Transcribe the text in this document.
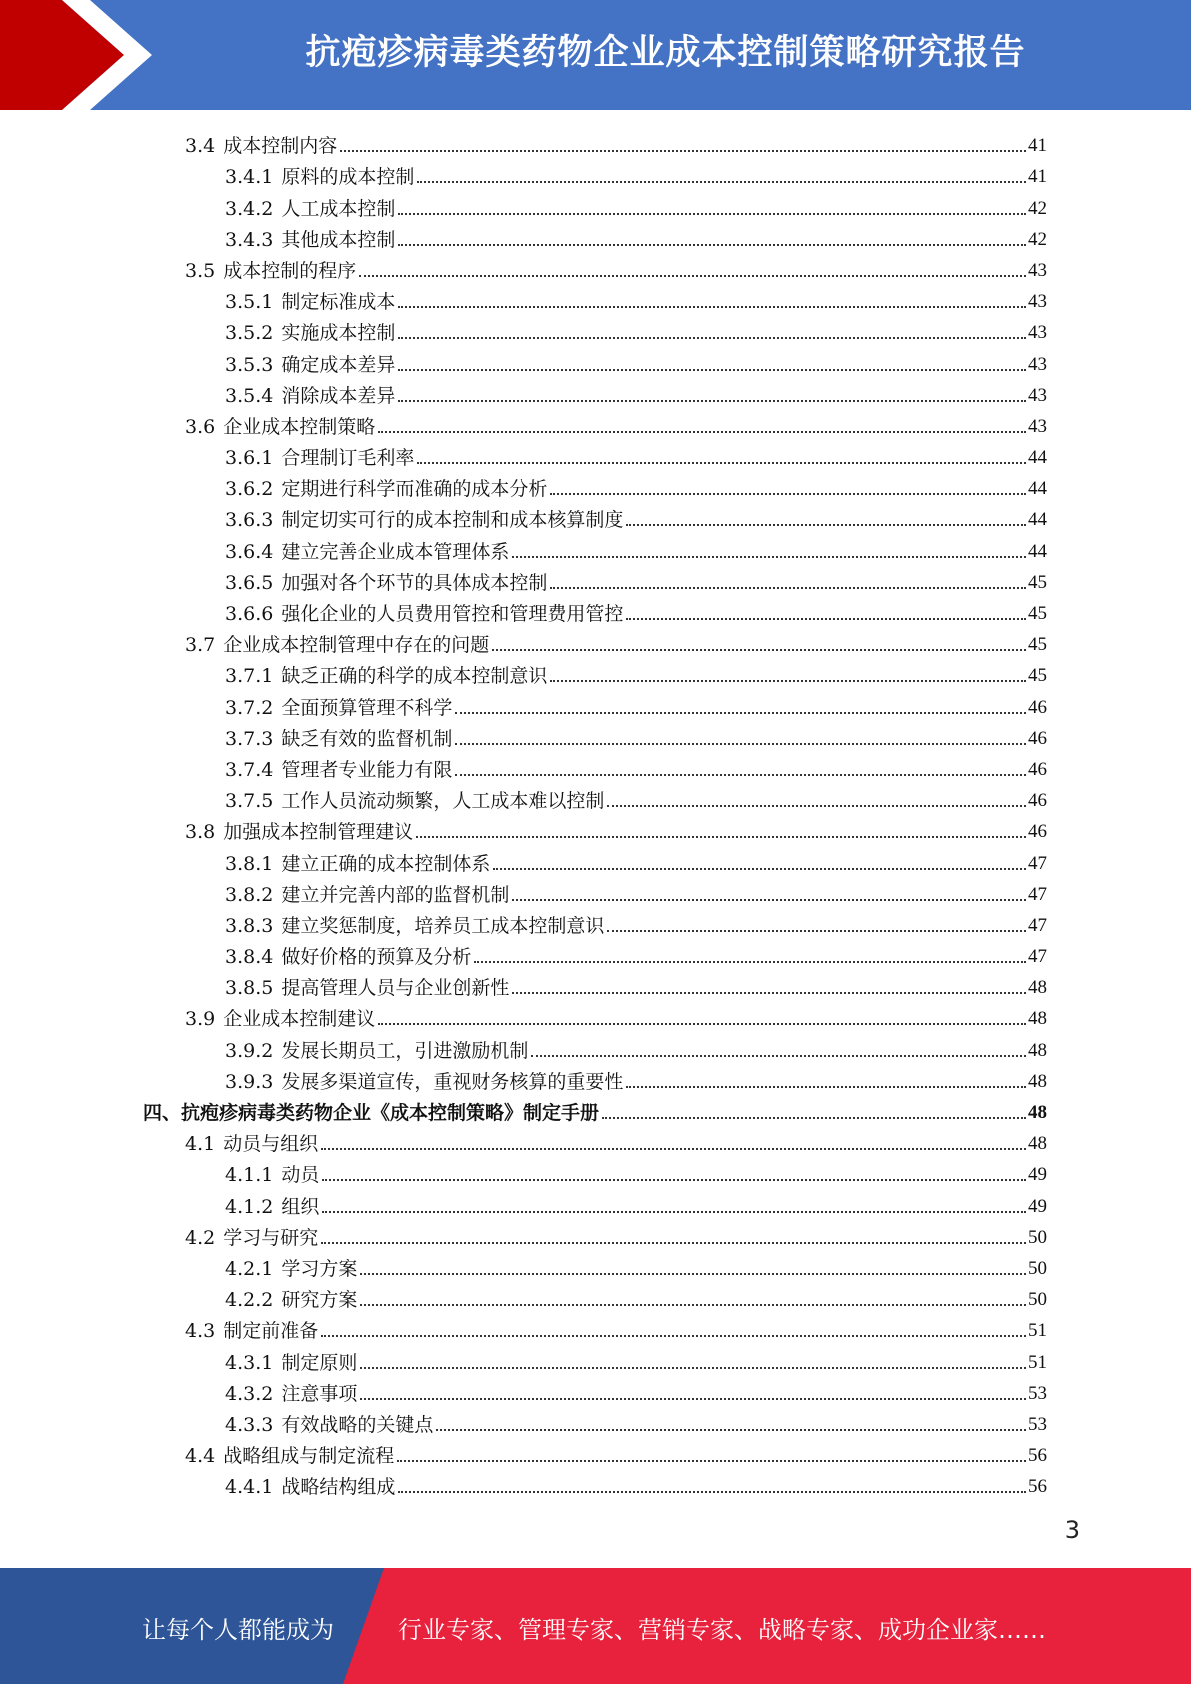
抗疱疹病毒类药物企业成本控制策略研究报告
3.4 成本控制内容	41
3.4.1 原料的成本控制	41
3.4.2 人工成本控制	42
3.4.3 其他成本控制	42
3.5 成本控制的程序	43
3.5.1 制定标准成本	43
3.5.2 实施成本控制	43
3.5.3 确定成本差异	43
3.5.4 消除成本差异	43
3.6 企业成本控制策略	43
3.6.1 合理制订毛利率	44
3.6.2 定期进行科学而准确的成本分析	44
3.6.3 制定切实可行的成本控制和成本核算制度	44
3.6.4 建立完善企业成本管理体系	44
3.6.5 加强对各个环节的具体成本控制	45
3.6.6 强化企业的人员费用管控和管理费用管控	45
3.7 企业成本控制管理中存在的问题	45
3.7.1 缺乏正确的科学的成本控制意识	45
3.7.2 全面预算管理不科学	46
3.7.3 缺乏有效的监督机制	46
3.7.4 管理者专业能力有限	46
3.7.5 工作人员流动频繁，人工成本难以控制	46
3.8 加强成本控制管理建议	46
3.8.1 建立正确的成本控制体系	47
3.8.2 建立并完善内部的监督机制	47
3.8.3 建立奖惩制度，培养员工成本控制意识	47
3.8.4 做好价格的预算及分析	47
3.8.5 提高管理人员与企业创新性	48
3.9 企业成本控制建议	48
3.9.2 发展长期员工，引进激励机制	48
3.9.3 发展多渠道宣传，重视财务核算的重要性	48
四、抗疱疹病毒类药物企业《成本控制策略》制定手册	48
4.1 动员与组织	48
4.1.1 动员	49
4.1.2 组织	49
4.2 学习与研究	50
4.2.1 学习方案	50
4.2.2 研究方案	50
4.3 制定前准备	51
4.3.1 制定原则	51
4.3.2 注意事项	53
4.3.3 有效战略的关键点	53
4.4 战略组成与制定流程	56
4.4.1 战略结构组成	56
3
让每个人都能成为	行业专家、管理专家、营销专家、战略专家、成功企业家……
